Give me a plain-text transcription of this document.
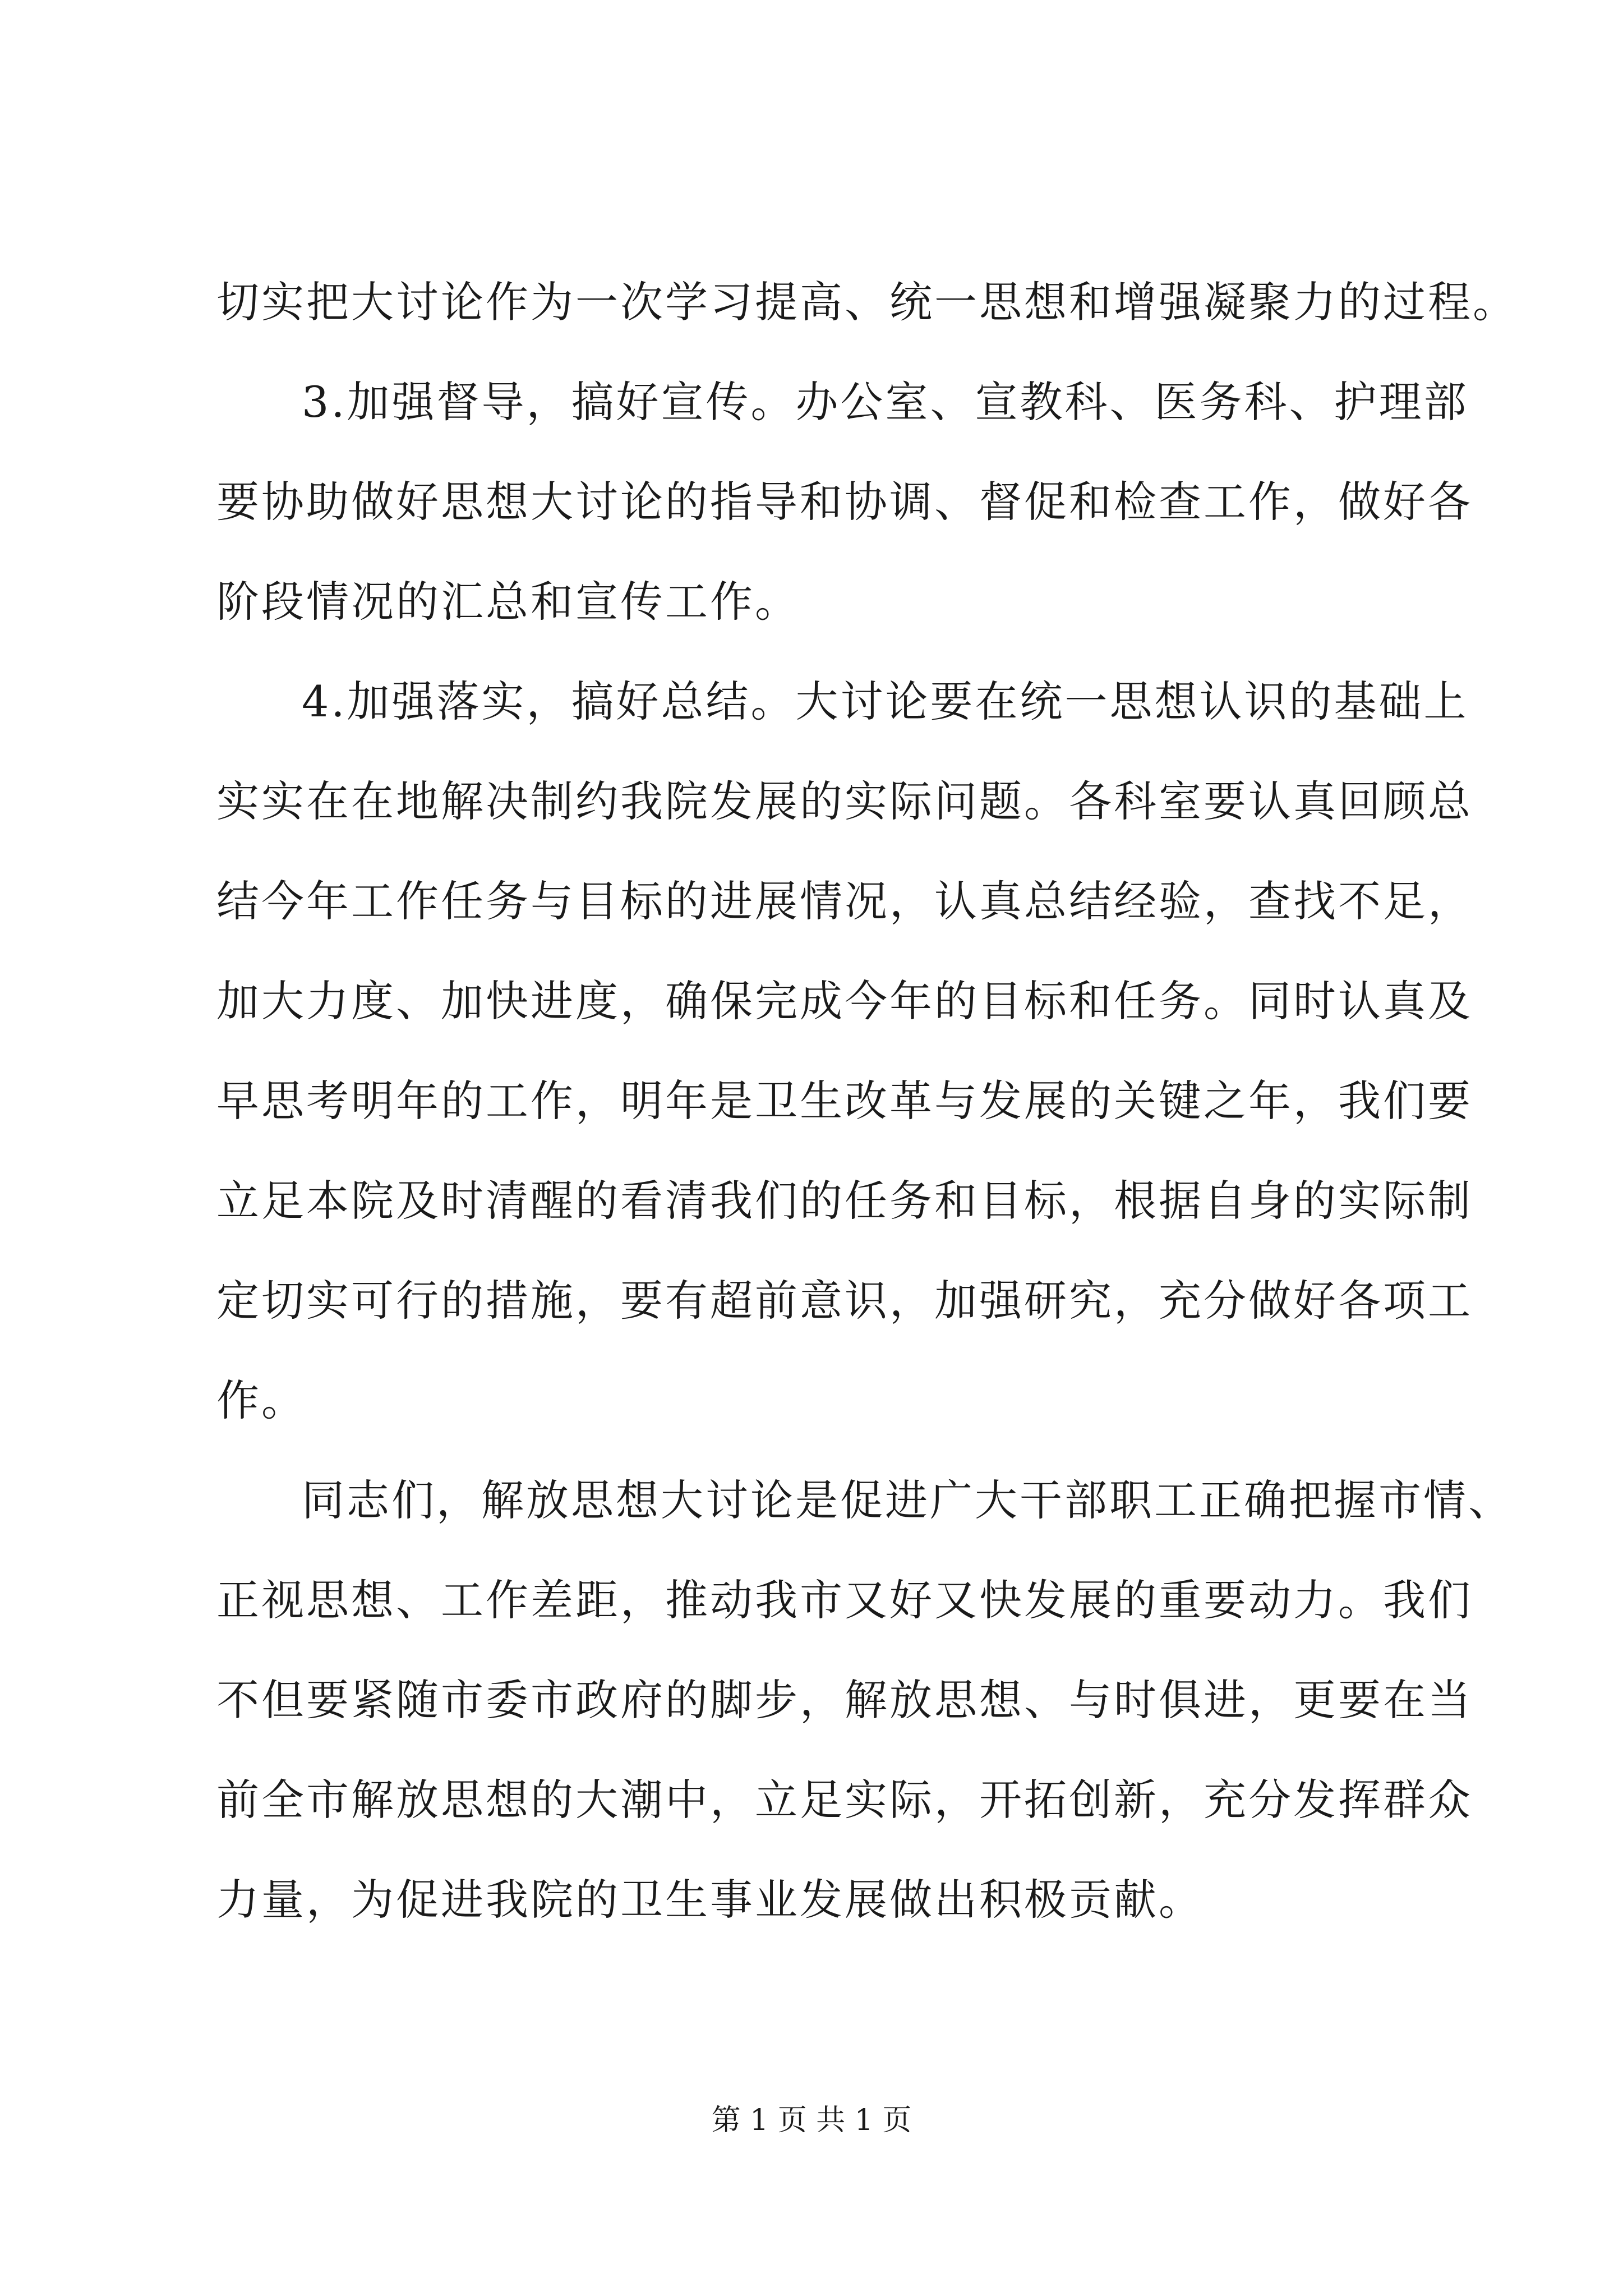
切实把大讨论作为一次学习提高、统一思想和增强凝聚力的过程。
3.加强督导，搞好宣传。办公室、宣教科、医务科、护理部
要协助做好思想大讨论的指导和协调、督促和检查工作，做好各
阶段情况的汇总和宣传工作。
4.加强落实，搞好总结。大讨论要在统一思想认识的基础上
实实在在地解决制约我院发展的实际问题。各科室要认真回顾总
结今年工作任务与目标的进展情况，认真总结经验，查找不足，
加大力度、加快进度，确保完成今年的目标和任务。同时认真及
早思考明年的工作，明年是卫生改革与发展的关键之年，我们要
立足本院及时清醒的看清我们的任务和目标，根据自身的实际制
定切实可行的措施，要有超前意识，加强研究，充分做好各项工
作。
同志们，解放思想大讨论是促进广大干部职工正确把握市情、
正视思想、工作差距，推动我市又好又快发展的重要动力。我们
不但要紧随市委市政府的脚步，解放思想、与时俱进，更要在当
前全市解放思想的大潮中，立足实际，开拓创新，充分发挥群众
力量，为促进我院的卫生事业发展做出积极贡献。
第 1 页 共 1 页
